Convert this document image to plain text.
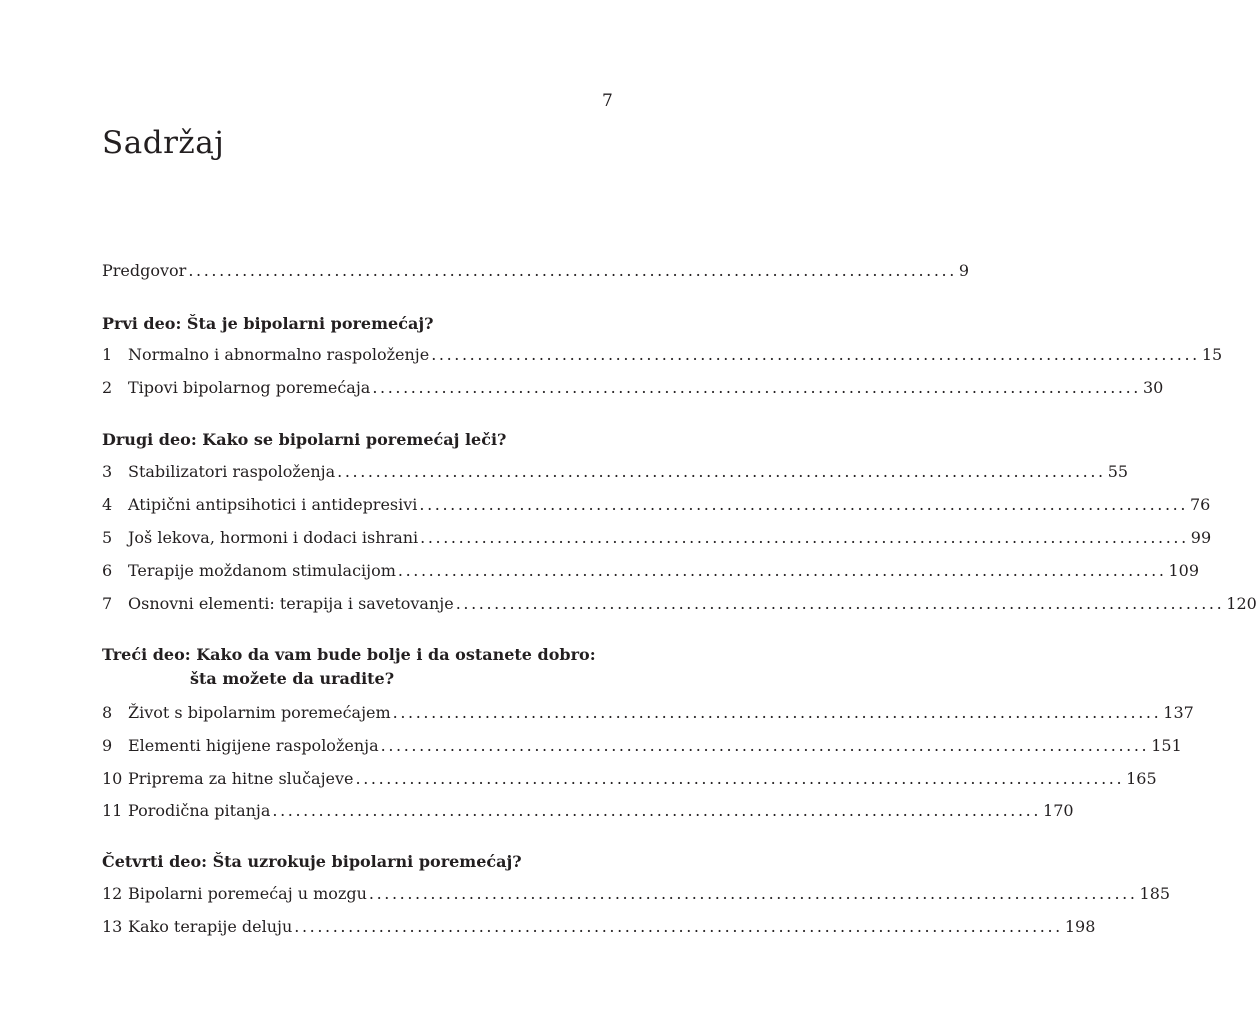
7
Sadržaj
Predgovor .................................................................................................... 9
Prvi deo: Šta je bipolarni poremećaj?
1 Normalno i abnormalno raspoloženje .................................................................................................... 15
2 Tipovi bipolarnog poremećaja .................................................................................................... 30
Drugi deo: Kako se bipolarni poremećaj leči?
3 Stabilizatori raspoloženja .................................................................................................... 55
4 Atipični antipsihotici i antidepresivi .................................................................................................... 76
5 Još lekova, hormoni i dodaci ishrani .................................................................................................... 99
6 Terapije moždanom stimulacijom .................................................................................................... 109
7 Osnovni elementi: terapija i savetovanje .................................................................................................... 120
Treći deo: Kako da vam bude bolje i da ostanete dobro:
šta možete da uradite?
8 Život s bipolarnim poremećajem .................................................................................................... 137
9 Elementi higijene raspoloženja .................................................................................................... 151
10 Priprema za hitne slučajeve .................................................................................................... 165
11 Porodična pitanja .................................................................................................... 170
Četvrti deo: Šta uzrokuje bipolarni poremećaj?
12 Bipolarni poremećaj u mozgu .................................................................................................... 185
13 Kako terapije deluju .................................................................................................... 198
